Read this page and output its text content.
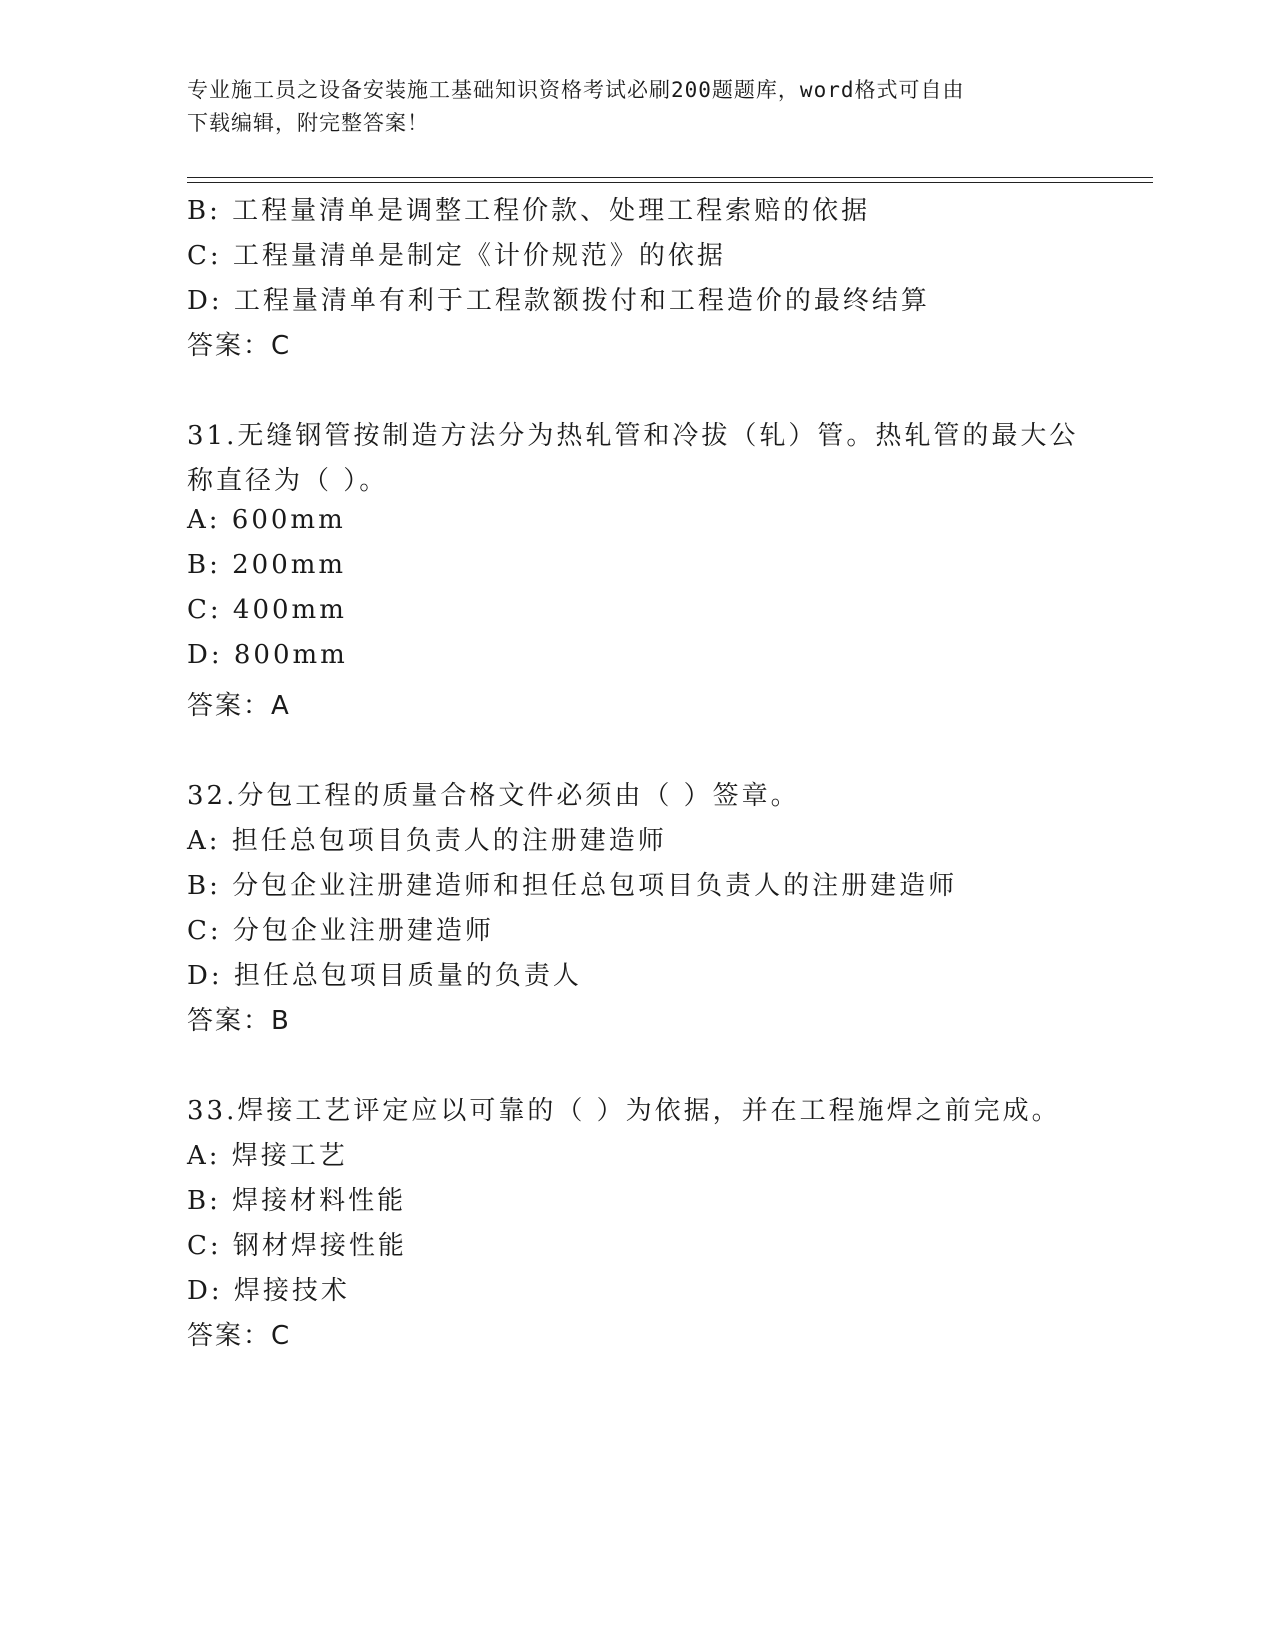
专业施工员之设备安装施工基础知识资格考试必刷200题题库，word格式可自由
下载编辑，附完整答案！
B: 工程量清单是调整工程价款、处理工程索赔的依据
C: 工程量清单是制定《计价规范》的依据
D: 工程量清单有利于工程款额拨付和工程造价的最终结算
答案：C
31.无缝钢管按制造方法分为热轧管和冷拔（轧）管。热轧管的最大公
称直径为（ ）。
A: 600mm
B: 200mm
C: 400mm
D: 800mm
答案：A
32.分包工程的质量合格文件必须由（ ）签章。
A: 担任总包项目负责人的注册建造师
B: 分包企业注册建造师和担任总包项目负责人的注册建造师
C: 分包企业注册建造师
D: 担任总包项目质量的负责人
答案：B
33.焊接工艺评定应以可靠的（ ）为依据，并在工程施焊之前完成。
A: 焊接工艺
B: 焊接材料性能
C: 钢材焊接性能
D: 焊接技术
答案：C
